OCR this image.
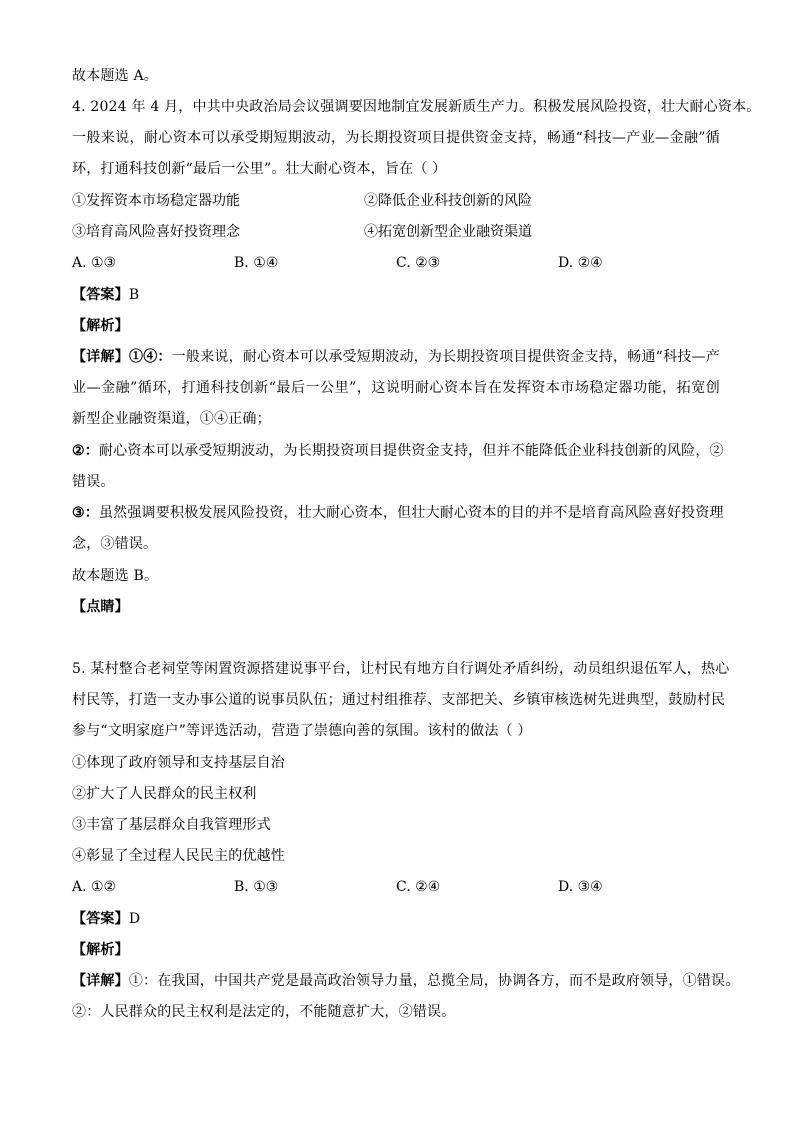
故本题选 A。
4. 2024 年 4 月，中共中央政治局会议强调要因地制宜发展新质生产力。积极发展风险投资，壮大耐心资本。
一般来说，耐心资本可以承受期短期波动，为长期投资项目提供资金支持，畅通“科技—产业—金融”循
环，打通科技创新“最后一公里”。壮大耐心资本，旨在（ ）
①发挥资本市场稳定器功能	②降低企业科技创新的风险
③培育高风险喜好投资理念	④拓宽创新型企业融资渠道
A. ①③	B. ①④	C. ②③	D. ②④
【答案】B
【解析】
【详解】①④：一般来说，耐心资本可以承受短期波动，为长期投资项目提供资金支持，畅通“科技—产
业—金融”循环，打通科技创新“最后一公里”，这说明耐心资本旨在发挥资本市场稳定器功能，拓宽创
新型企业融资渠道，①④正确；
②：耐心资本可以承受短期波动，为长期投资项目提供资金支持，但并不能降低企业科技创新的风险，②
错误。
③：虽然强调要积极发展风险投资，壮大耐心资本，但壮大耐心资本的目的并不是培育高风险喜好投资理
念，③错误。
故本题选 B。
【点睛】
5. 某村整合老祠堂等闲置资源搭建说事平台，让村民有地方自行调处矛盾纠纷，动员组织退伍军人，热心
村民等，打造一支办事公道的说事员队伍；通过村组推荐、支部把关、乡镇审核选树先进典型，鼓励村民
参与“文明家庭户”等评选活动，营造了崇德向善的氛围。该村的做法（ ）
①体现了政府领导和支持基层自治
②扩大了人民群众的民主权利
③丰富了基层群众自我管理形式
④彰显了全过程人民民主的优越性
A. ①②	B. ①③	C. ②④	D. ③④
【答案】D
【解析】
【详解】①：在我国，中国共产党是最高政治领导力量，总揽全局，协调各方，而不是政府领导，①错误。
②：人民群众的民主权利是法定的，不能随意扩大，②错误。
